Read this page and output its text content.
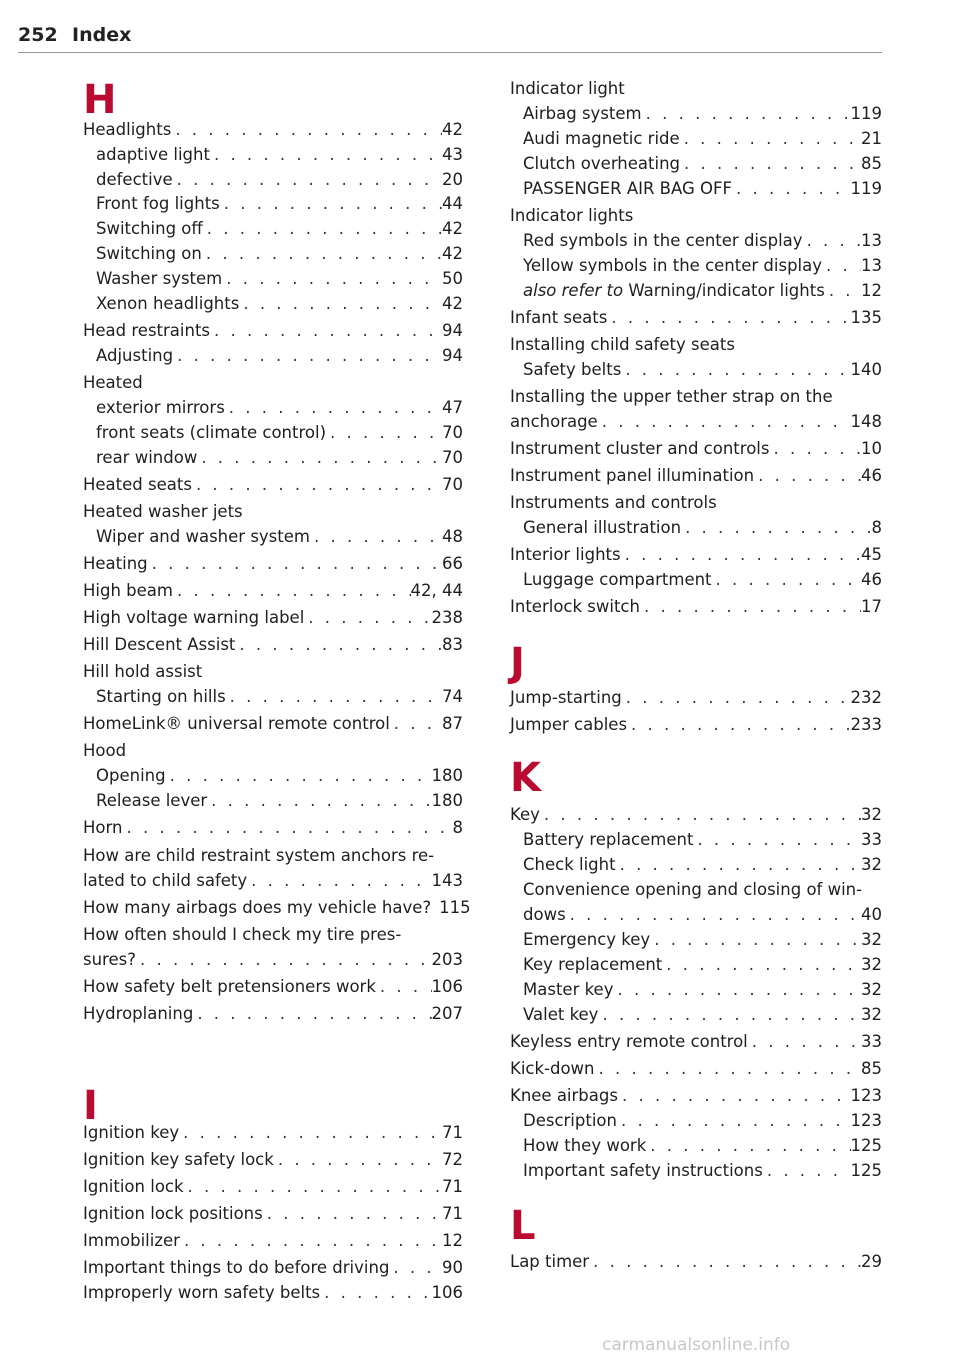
252 Index
H
Headlights . . .	42
adaptive light . . .	43
defective . . .	20
Front fog lights . . .	44
Switching off . . .	42
Switching on . . .	42
Washer system . . .	50
Xenon headlights . . .	42
Head restraints . . .	94
Adjusting . . .	94
Heated
exterior mirrors . . .	47
front seats (climate control) . . .	70
rear window . . .	70
Heated seats . . .	70
Heated washer jets
Wiper and washer system . . .	48
Heating . . .	66
High beam . . .	42, 44
High voltage warning label . . .	238
Hill Descent Assist . . .	83
Hill hold assist
Starting on hills . . .	74
HomeLink® universal remote control . . .	87
Hood
Opening . . .	180
Release lever . . .	180
Horn . . .	8
How are child restraint system anchors re-
lated to child safety . . .	143
How many airbags does my vehicle have? 115
How often should I check my tire pres-
sures? . . .	203
How safety belt pretensioners work . . .	106
Hydroplaning . . .	207
I
Ignition key . . .	71
Ignition key safety lock . . .	72
Ignition lock . . .	71
Ignition lock positions . . .	71
Immobilizer . . .	12
Important things to do before driving . . .	90
Improperly worn safety belts . . .	106
Indicator light
Airbag system . . .	119
Audi magnetic ride . . .	21
Clutch overheating . . .	85
PASSENGER AIR BAG OFF . . .	119
Indicator lights
Red symbols in the center display . . .	13
Yellow symbols in the center display . . . 13
also refer to Warning/indicator lights . . . 12
Infant seats . . .	135
Installing child safety seats
Safety belts . . .	140
Installing the upper tether strap on the
anchorage . . .	148
Instrument cluster and controls . . .	10
Instrument panel illumination . . .	46
Instruments and controls
General illustration . . .	8
Interior lights . . .	45
Luggage compartment . . .	46
Interlock switch . . .	17
J
Jump-starting . . .	232
Jumper cables . . .	233
K
Key . . .	32
Battery replacement . . .	33
Check light . . .	32
Convenience opening and closing of win-
dows . . .	40
Emergency key . . .	32
Key replacement . . .	32
Master key . . .	32
Valet key . . .	32
Keyless entry remote control . . .	33
Kick-down . . .	85
Knee airbags . . .	123
Description . . .	123
How they work . . .	125
Important safety instructions . . .	125
L
Lap timer . . .	29
carmanualsonline.info
